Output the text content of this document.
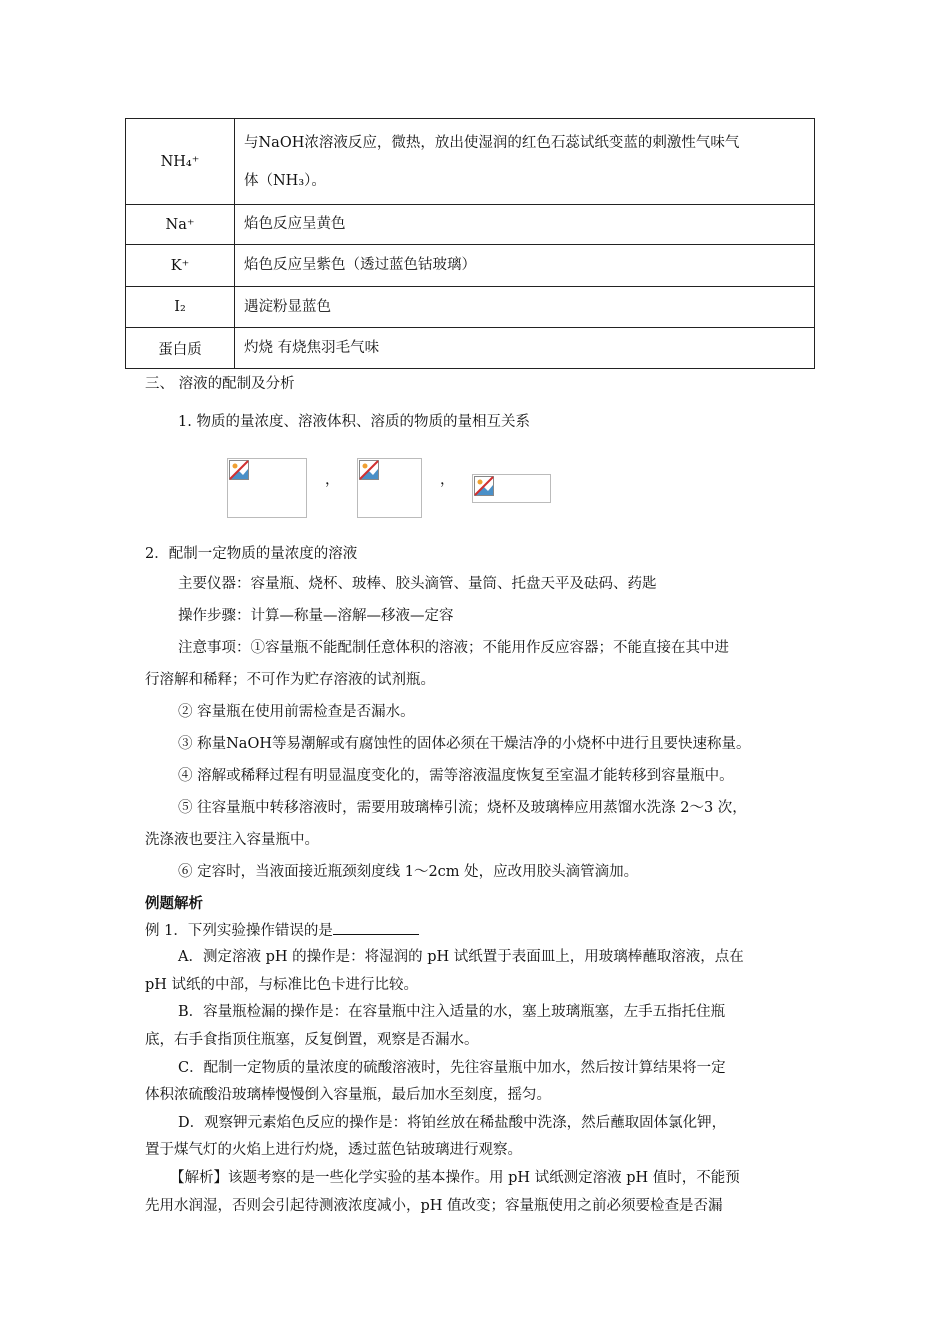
NH₄⁺	与NaOH浓溶液反应，微热，放出使湿润的红色石蕊试纸变蓝的刺激性气味气
体（NH₃）。

Na⁺	焰色反应呈黄色
K⁺	焰色反应呈紫色（透过蓝色钴玻璃）
I₂	遇淀粉显蓝色
蛋白质	灼烧 有烧焦羽毛气味
三、 溶液的配制及分析
1. 物质的量浓度、溶液体积、溶质的物质的量相互关系
，	，
2．配制一定物质的量浓度的溶液
主要仪器：容量瓶、烧杯、玻棒、胶头滴管、量筒、托盘天平及砝码、药匙
操作步骤：计算—称量—溶解—移液—定容
注意事项：①容量瓶不能配制任意体积的溶液；不能用作反应容器；不能直接在其中进
行溶解和稀释；不可作为贮存溶液的试剂瓶。
② 容量瓶在使用前需检查是否漏水。
③ 称量NaOH等易潮解或有腐蚀性的固体必须在干燥洁净的小烧杯中进行且要快速称量。
④ 溶解或稀释过程有明显温度变化的，需等溶液温度恢复至室温才能转移到容量瓶中。
⑤ 往容量瓶中转移溶液时，需要用玻璃棒引流；烧杯及玻璃棒应用蒸馏水洗涤 2～3 次，
洗涤液也要注入容量瓶中。
⑥ 定容时，当液面接近瓶颈刻度线 1～2cm 处，应改用胶头滴管滴加。
例题解析
例 1．下列实验操作错误的是
A．测定溶液 pH 的操作是：将湿润的 pH 试纸置于表面皿上，用玻璃棒蘸取溶液，点在
pH 试纸的中部，与标准比色卡进行比较。
B．容量瓶检漏的操作是：在容量瓶中注入适量的水，塞上玻璃瓶塞，左手五指托住瓶
底，右手食指顶住瓶塞，反复倒置，观察是否漏水。
C．配制一定物质的量浓度的硫酸溶液时，先往容量瓶中加水，然后按计算结果将一定
体积浓硫酸沿玻璃棒慢慢倒入容量瓶，最后加水至刻度，摇匀。
D．观察钾元素焰色反应的操作是：将铂丝放在稀盐酸中洗涤，然后蘸取固体氯化钾，
置于煤气灯的火焰上进行灼烧，透过蓝色钴玻璃进行观察。
【解析】该题考察的是一些化学实验的基本操作。用 pH 试纸测定溶液 pH 值时，不能预
先用水润湿，否则会引起待测液浓度减小，pH 值改变；容量瓶使用之前必须要检查是否漏
